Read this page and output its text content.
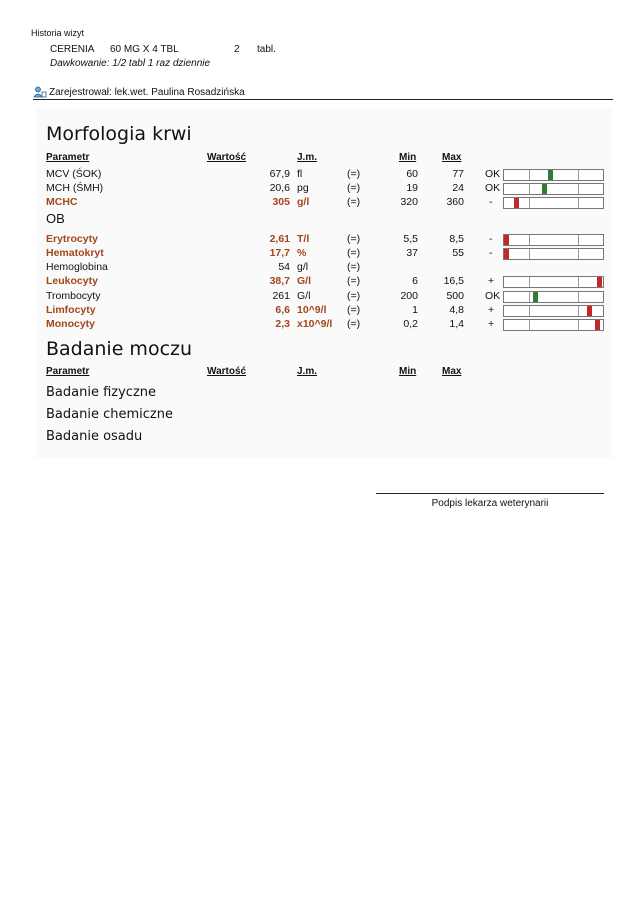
Historia wizyt
CERENIA 60 MG X 4 TBL	2 tabl.
Dawkowanie: 1/2 tabl 1 raz dziennie
Zarejestrował: lek.wet. Paulina Rosadzińska
Morfologia krwi
Parametr	Wartość	J.m.	Min	Max
MCV (ŚOK)	67,9 fl	(=)	60	77 OK
MCH (ŚMH)	20,6 pg	(=)	19	24 OK
MCHC	305 g/l	(=)	320	360 -
OB
Erytrocyty	2,61 T/l	(=)	5,5	8,5 -
Hematokryt	17,7 %	(=)	37	55 -
Hemoglobina	54 g/l	(=)
Leukocyty	38,7 G/l	(=)	6	16,5 +
Trombocyty	261 G/l	(=)	200	500 OK
Limfocyty	6,6 10^9/l (=)	1	4,8 +
Monocyty	2,3 x10^9/l (=)	0,2	1,4 +
Badanie moczu
Parametr	Wartość	J.m.	Min	Max
Badanie fizyczne
Badanie chemiczne
Badanie osadu
Podpis lekarza weterynarii
